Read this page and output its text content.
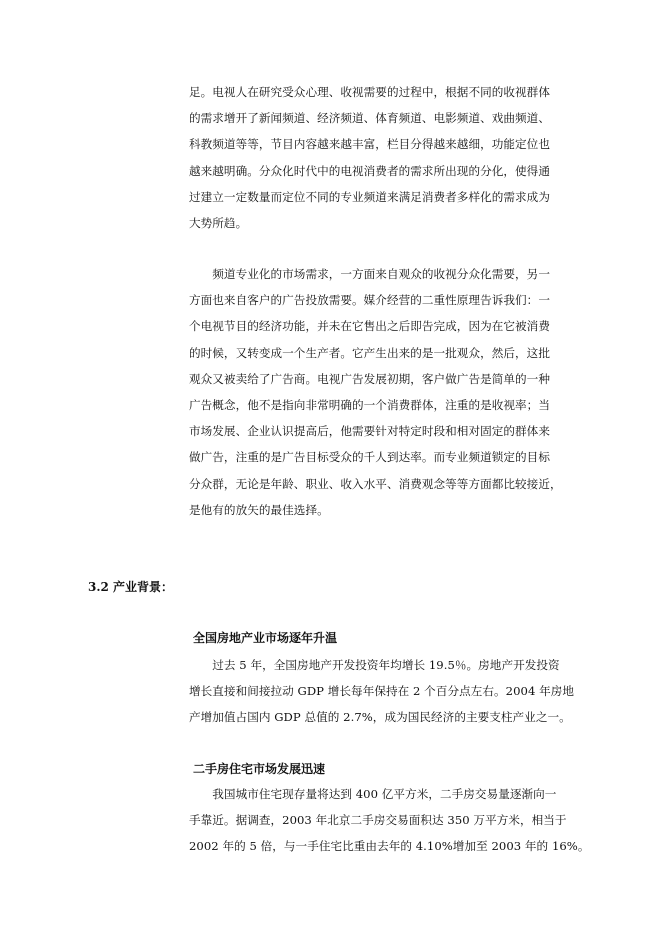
足。电视人在研究受众心理、收视需要的过程中，根据不同的收视群体
的需求增开了新闻频道、经济频道、体育频道、电影频道、戏曲频道、
科教频道等等，节目内容越来越丰富，栏目分得越来越细，功能定位也
越来越明确。分众化时代中的电视消费者的需求所出现的分化，使得通
过建立一定数量而定位不同的专业频道来满足消费者多样化的需求成为
大势所趋。
　　频道专业化的市场需求，一方面来自观众的收视分众化需要，另一
方面也来自客户的广告投放需要。媒介经营的二重性原理告诉我们：一
个电视节目的经济功能，并未在它售出之后即告完成，因为在它被消费
的时候，又转变成一个生产者。它产生出来的是一批观众，然后，这批
观众又被卖给了广告商。电视广告发展初期，客户做广告是简单的一种
广告概念，他不是指向非常明确的一个消费群体，注重的是收视率；当
市场发展、企业认识提高后，他需要针对特定时段和相对固定的群体来
做广告，注重的是广告目标受众的千人到达率。而专业频道锁定的目标
分众群，无论是年龄、职业、收入水平、消费观念等等方面都比较接近，
是他有的放矢的最佳选择。
3.2 产业背景：
全国房地产业市场逐年升温
　　过去 5 年，全国房地产开发投资年均增长 19.5％。房地产开发投资
增长直接和间接拉动 GDP 增长每年保持在 2 个百分点左右。2004 年房地
产增加值占国内 GDP 总值的 2.7%，成为国民经济的主要支柱产业之一。
二手房住宅市场发展迅速
　　我国城市住宅现存量将达到 400 亿平方米，二手房交易量逐渐向一
手靠近。据调查，2003 年北京二手房交易面积达 350 万平方米，相当于
2002 年的 5 倍，与一手住宅比重由去年的 4.10%增加至 2003 年的 16%。
